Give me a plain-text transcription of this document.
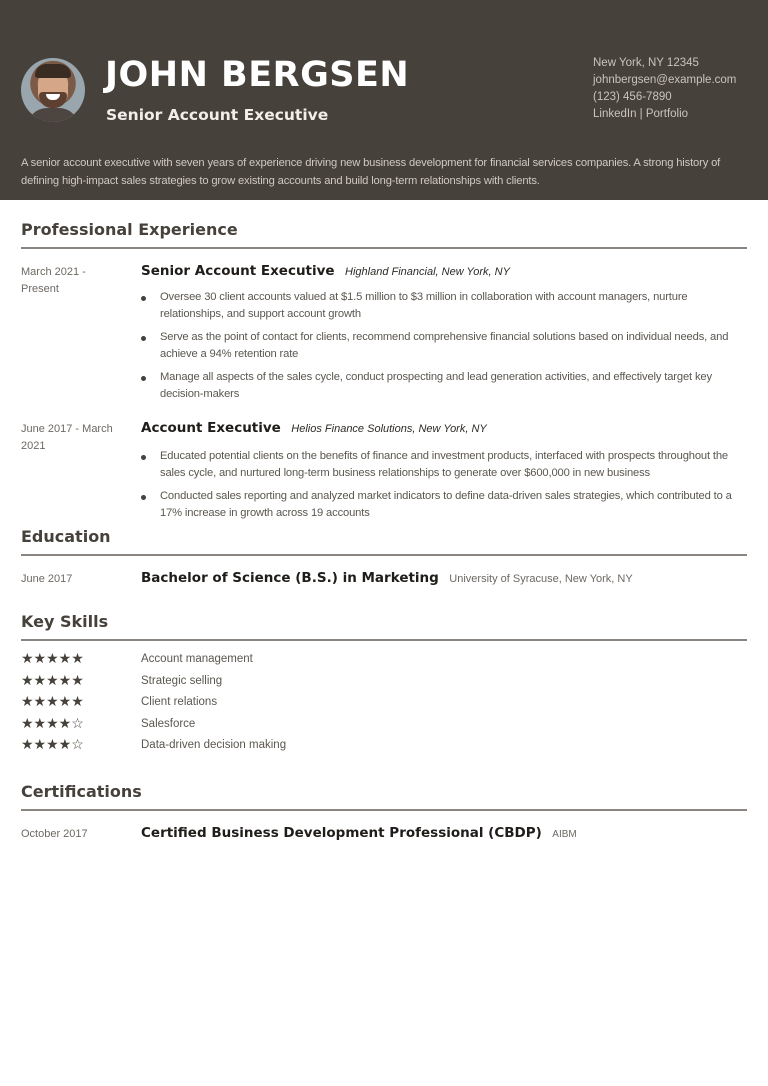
JOHN BERGSEN
Senior Account Executive
New York, NY 12345
johnbergsen@example.com
(123) 456-7890
LinkedIn | Portfolio
A senior account executive with seven years of experience driving new business development for financial services companies. A strong history of defining high-impact sales strategies to grow existing accounts and build long-term relationships with clients.
Professional Experience
March 2021 - Present
Senior Account Executive Highland Financial, New York, NY
Oversee 30 client accounts valued at $1.5 million to $3 million in collaboration with account managers, nurture relationships, and support account growth
Serve as the point of contact for clients, recommend comprehensive financial solutions based on individual needs, and achieve a 94% retention rate
Manage all aspects of the sales cycle, conduct prospecting and lead generation activities, and effectively target key decision-makers
June 2017 - March 2021
Account Executive Helios Finance Solutions, New York, NY
Educated potential clients on the benefits of finance and investment products, interfaced with prospects throughout the sales cycle, and nurtured long-term business relationships to generate over $600,000 in new business
Conducted sales reporting and analyzed market indicators to define data-driven sales strategies, which contributed to a 17% increase in growth across 19 accounts
Education
June 2017	Bachelor of Science (B.S.) in Marketing University of Syracuse, New York, NY
Key Skills
★★★★★	Account management
★★★★★	Strategic selling
★★★★★	Client relations
★★★★☆	Salesforce
★★★★☆	Data-driven decision making
Certifications
October 2017	Certified Business Development Professional (CBDP) AIBM
